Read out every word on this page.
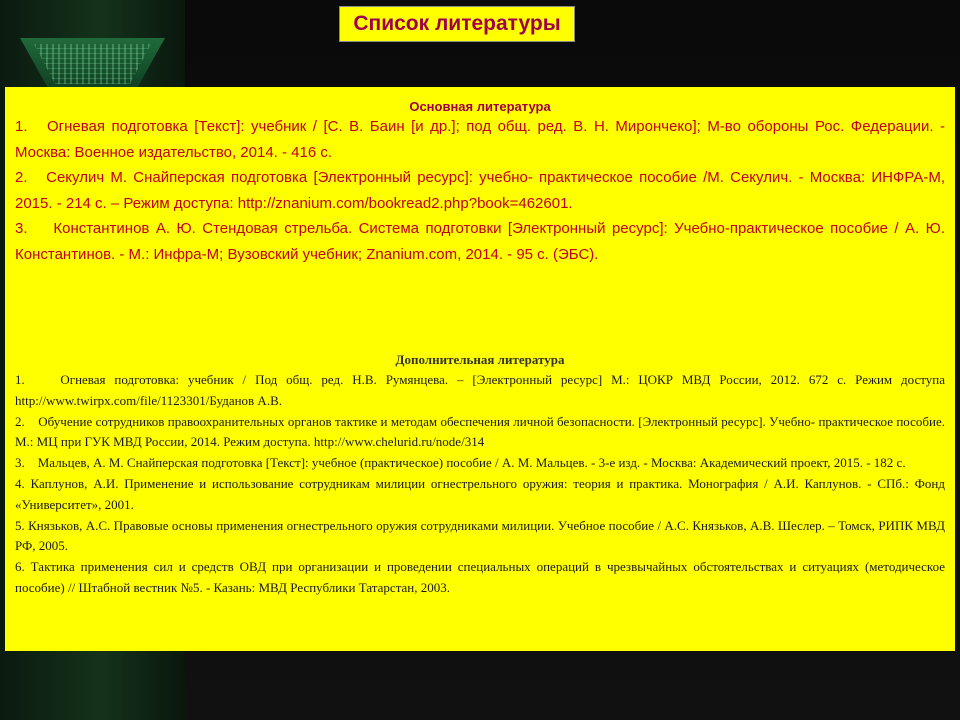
Список литературы
Основная литература
1.   Огневая подготовка [Текст]: учебник / [С. В. Баин [и др.]; под общ. ред. В. Н. Мирончеко]; М-во обороны Рос. Федерации. - Москва: Военное издательство, 2014. - 416 с.
2.   Секулич М. Снайперская подготовка [Электронный ресурс]: учебно- практическое пособие /М. Секулич. - Москва: ИНФРА-М, 2015. - 214 с. – Режим доступа: http://znanium.com/bookread2.php?book=462601.
3.    Константинов А. Ю. Стендовая стрельба. Система подготовки [Электронный ресурс]: Учебно-практическое пособие / А. Ю. Константинов. - М.: Инфра-М; Вузовский учебник; Znanium.com, 2014. - 95 с. (ЭБС).
Дополнительная литература
1.    Огневая подготовка: учебник / Под общ. ред. Н.В. Румянцева. – [Электронный ресурс] М.: ЦОКР МВД России, 2012. 672 с. Режим доступа http://www.twirpx.com/file/1123301/Буданов А.В.
2.    Обучение сотрудников правоохранительных органов тактике и методам обеспечения личной безопасности. [Электронный ресурс]. Учебно- практическое пособие. М.: МЦ при ГУК МВД России, 2014. Режим доступа. http://www.chelurid.ru/node/314
3.    Мальцев, А. М. Снайперская подготовка [Текст]: учебное (практическое) пособие / А. М. Мальцев. - 3-е изд. - Москва: Академический проект, 2015. - 182 с.
4. Каплунов, А.И. Применение и использование сотрудникам милиции огнестрельного оружия: теория и практика. Монография / А.И. Каплунов. - СПб.: Фонд «Университет», 2001.
5. Князьков, А.С. Правовые основы применения огнестрельного оружия сотрудниками милиции. Учебное пособие / А.С. Князьков, А.В. Шеслер. – Томск, РИПК МВД РФ, 2005.
6. Тактика применения сил и средств ОВД при организации и проведении специальных операций в чрезвычайных обстоятельствах и ситуациях (методическое пособие) // Штабной вестник №5. - Казань: МВД Республики Татарстан, 2003.
